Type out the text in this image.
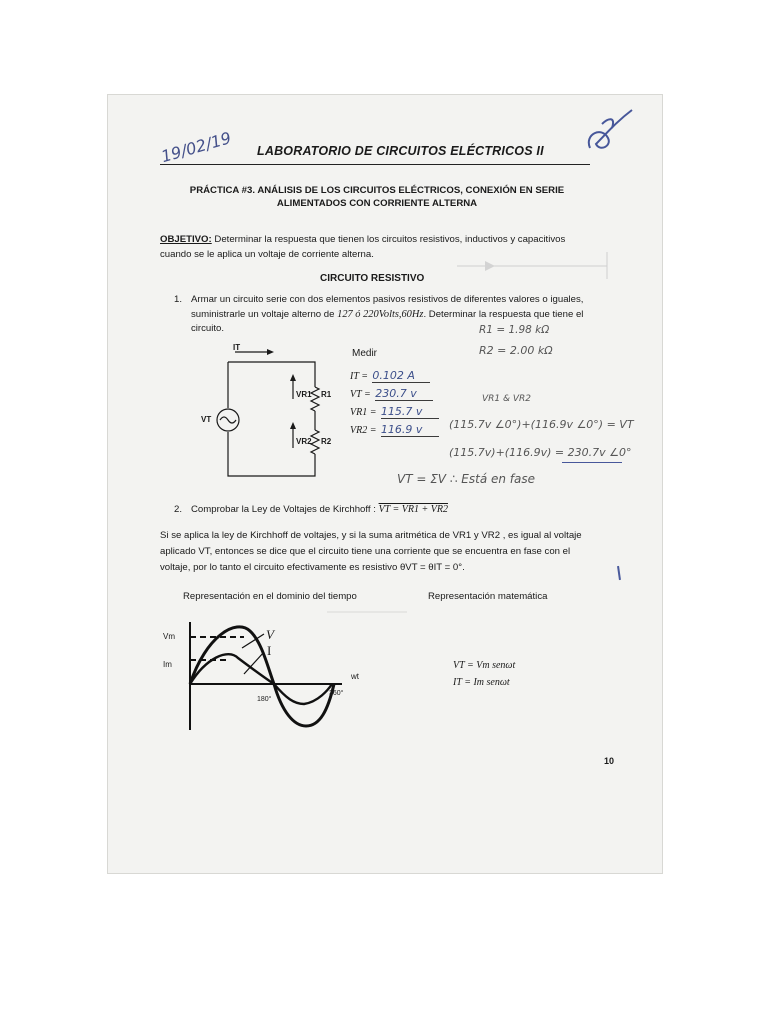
LABORATORIO DE CIRCUITOS ELÉCTRICOS II
19/02/19
PRÁCTICA #3. ANÁLISIS DE LOS CIRCUITOS ELÉCTRICOS, CONEXIÓN EN SERIE
ALIMENTADOS CON CORRIENTE ALTERNA
OBJETIVO: Determinar la respuesta que tienen los circuitos resistivos, inductivos y capacitivos
cuando se le aplica un voltaje de corriente alterna.
CIRCUITO RESISTIVO
1. Armar un circuito serie con dos elementos pasivos resistivos de diferentes valores o iguales,
suministrarle un voltaje alterno de 127 ó 220Volts,60Hz. Determinar la respuesta que tiene el
circuito.
IT
VT
VR1 R1
VR2 R2
Medir
IT = 0.102 A
VT = 230.7 v
VR1 = 115.7 v
VR2 = 116.9 v
R1 = 1.98 kΩ
R2 = 2.00 kΩ
VR1 & VR2
(115.7v ∠0°)+(116.9v ∠0°) = VT
(115.7v)+(116.9v) = 230.7v ∠0°
VT = ΣV ∴ Está en fase
2. Comprobar la Ley de Voltajes de Kirchhoff : VT = VR1 + VR2
Si se aplica la ley de Kirchhoff de voltajes, y si la suma aritmética de VR1 y VR2 , es igual al voltaje
aplicado VT, entonces se dice que el circuito tiene una corriente que se encuentra en fase con el
voltaje, por lo tanto el circuito efectivamente es resistivo θVT = θIT = 0°.
Representación en el dominio del tiempo	Representación matemática
Vm
Im
V
I
wt
180°
360°
VT = Vm senωt
IT = Im senωt
10
